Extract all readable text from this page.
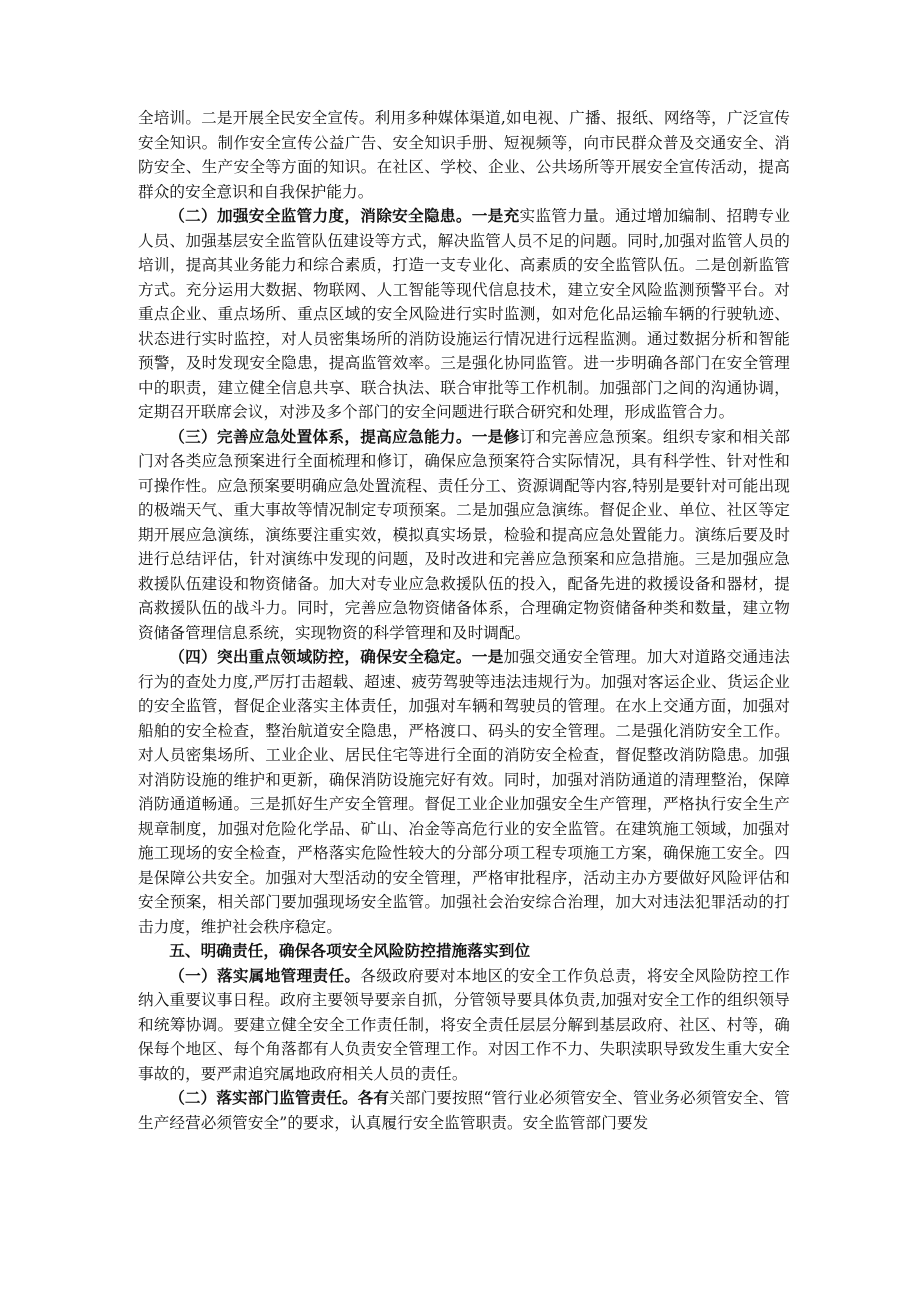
全培训。二是开展全民安全宣传。利用多种媒体渠道,如电视、广播、报纸、网络等，广泛宣传安全知识。制作安全宣传公益广告、安全知识手册、短视频等，向市民群众普及交通安全、消防安全、生产安全等方面的知识。在社区、学校、企业、公共场所等开展安全宣传活动，提高群众的安全意识和自我保护能力。

（二）加强安全监管力度，消除安全隐患。一是充实监管力量。通过增加编制、招聘专业人员、加强基层安全监管队伍建设等方式，解决监管人员不足的问题。同时,加强对监管人员的培训，提高其业务能力和综合素质，打造一支专业化、高素质的安全监管队伍。二是创新监管方式。充分运用大数据、物联网、人工智能等现代信息技术，建立安全风险监测预警平台。对重点企业、重点场所、重点区域的安全风险进行实时监测，如对危化品运输车辆的行驶轨迹、状态进行实时监控，对人员密集场所的消防设施运行情况进行远程监测。通过数据分析和智能预警，及时发现安全隐患，提高监管效率。三是强化协同监管。进一步明确各部门在安全管理中的职责，建立健全信息共享、联合执法、联合审批等工作机制。加强部门之间的沟通协调，定期召开联席会议，对涉及多个部门的安全问题进行联合研究和处理，形成监管合力。

（三）完善应急处置体系，提高应急能力。一是修订和完善应急预案。组织专家和相关部门对各类应急预案进行全面梳理和修订，确保应急预案符合实际情况，具有科学性、针对性和可操作性。应急预案要明确应急处置流程、责任分工、资源调配等内容,特别是要针对可能出现的极端天气、重大事故等情况制定专项预案。二是加强应急演练。督促企业、单位、社区等定期开展应急演练，演练要注重实效，模拟真实场景，检验和提高应急处置能力。演练后要及时进行总结评估，针对演练中发现的问题，及时改进和完善应急预案和应急措施。三是加强应急救援队伍建设和物资储备。加大对专业应急救援队伍的投入，配备先进的救援设备和器材，提高救援队伍的战斗力。同时，完善应急物资储备体系，合理确定物资储备种类和数量，建立物资储备管理信息系统，实现物资的科学管理和及时调配。

（四）突出重点领域防控，确保安全稳定。一是加强交通安全管理。加大对道路交通违法行为的查处力度,严厉打击超载、超速、疲劳驾驶等违法违规行为。加强对客运企业、货运企业的安全监管，督促企业落实主体责任，加强对车辆和驾驶员的管理。在水上交通方面，加强对船舶的安全检查，整治航道安全隐患，严格渡口、码头的安全管理。二是强化消防安全工作。对人员密集场所、工业企业、居民住宅等进行全面的消防安全检查，督促整改消防隐患。加强对消防设施的维护和更新，确保消防设施完好有效。同时，加强对消防通道的清理整治，保障消防通道畅通。三是抓好生产安全管理。督促工业企业加强安全生产管理，严格执行安全生产规章制度，加强对危险化学品、矿山、冶金等高危行业的安全监管。在建筑施工领域，加强对施工现场的安全检查，严格落实危险性较大的分部分项工程专项施工方案，确保施工安全。四是保障公共安全。加强对大型活动的安全管理，严格审批程序，活动主办方要做好风险评估和安全预案，相关部门要加强现场安全监管。加强社会治安综合治理，加大对违法犯罪活动的打击力度，维护社会秩序稳定。

五、明确责任，确保各项安全风险防控措施落实到位

（一）落实属地管理责任。各级政府要对本地区的安全工作负总责，将安全风险防控工作纳入重要议事日程。政府主要领导要亲自抓，分管领导要具体负责,加强对安全工作的组织领导和统筹协调。要建立健全安全工作责任制，将安全责任层层分解到基层政府、社区、村等，确保每个地区、每个角落都有人负责安全管理工作。对因工作不力、失职渎职导致发生重大安全事故的，要严肃追究属地政府相关人员的责任。

（二）落实部门监管责任。各有关部门要按照“管行业必须管安全、管业务必须管安全、管生产经营必须管安全”的要求，认真履行安全监管职责。安全监管部门要发
